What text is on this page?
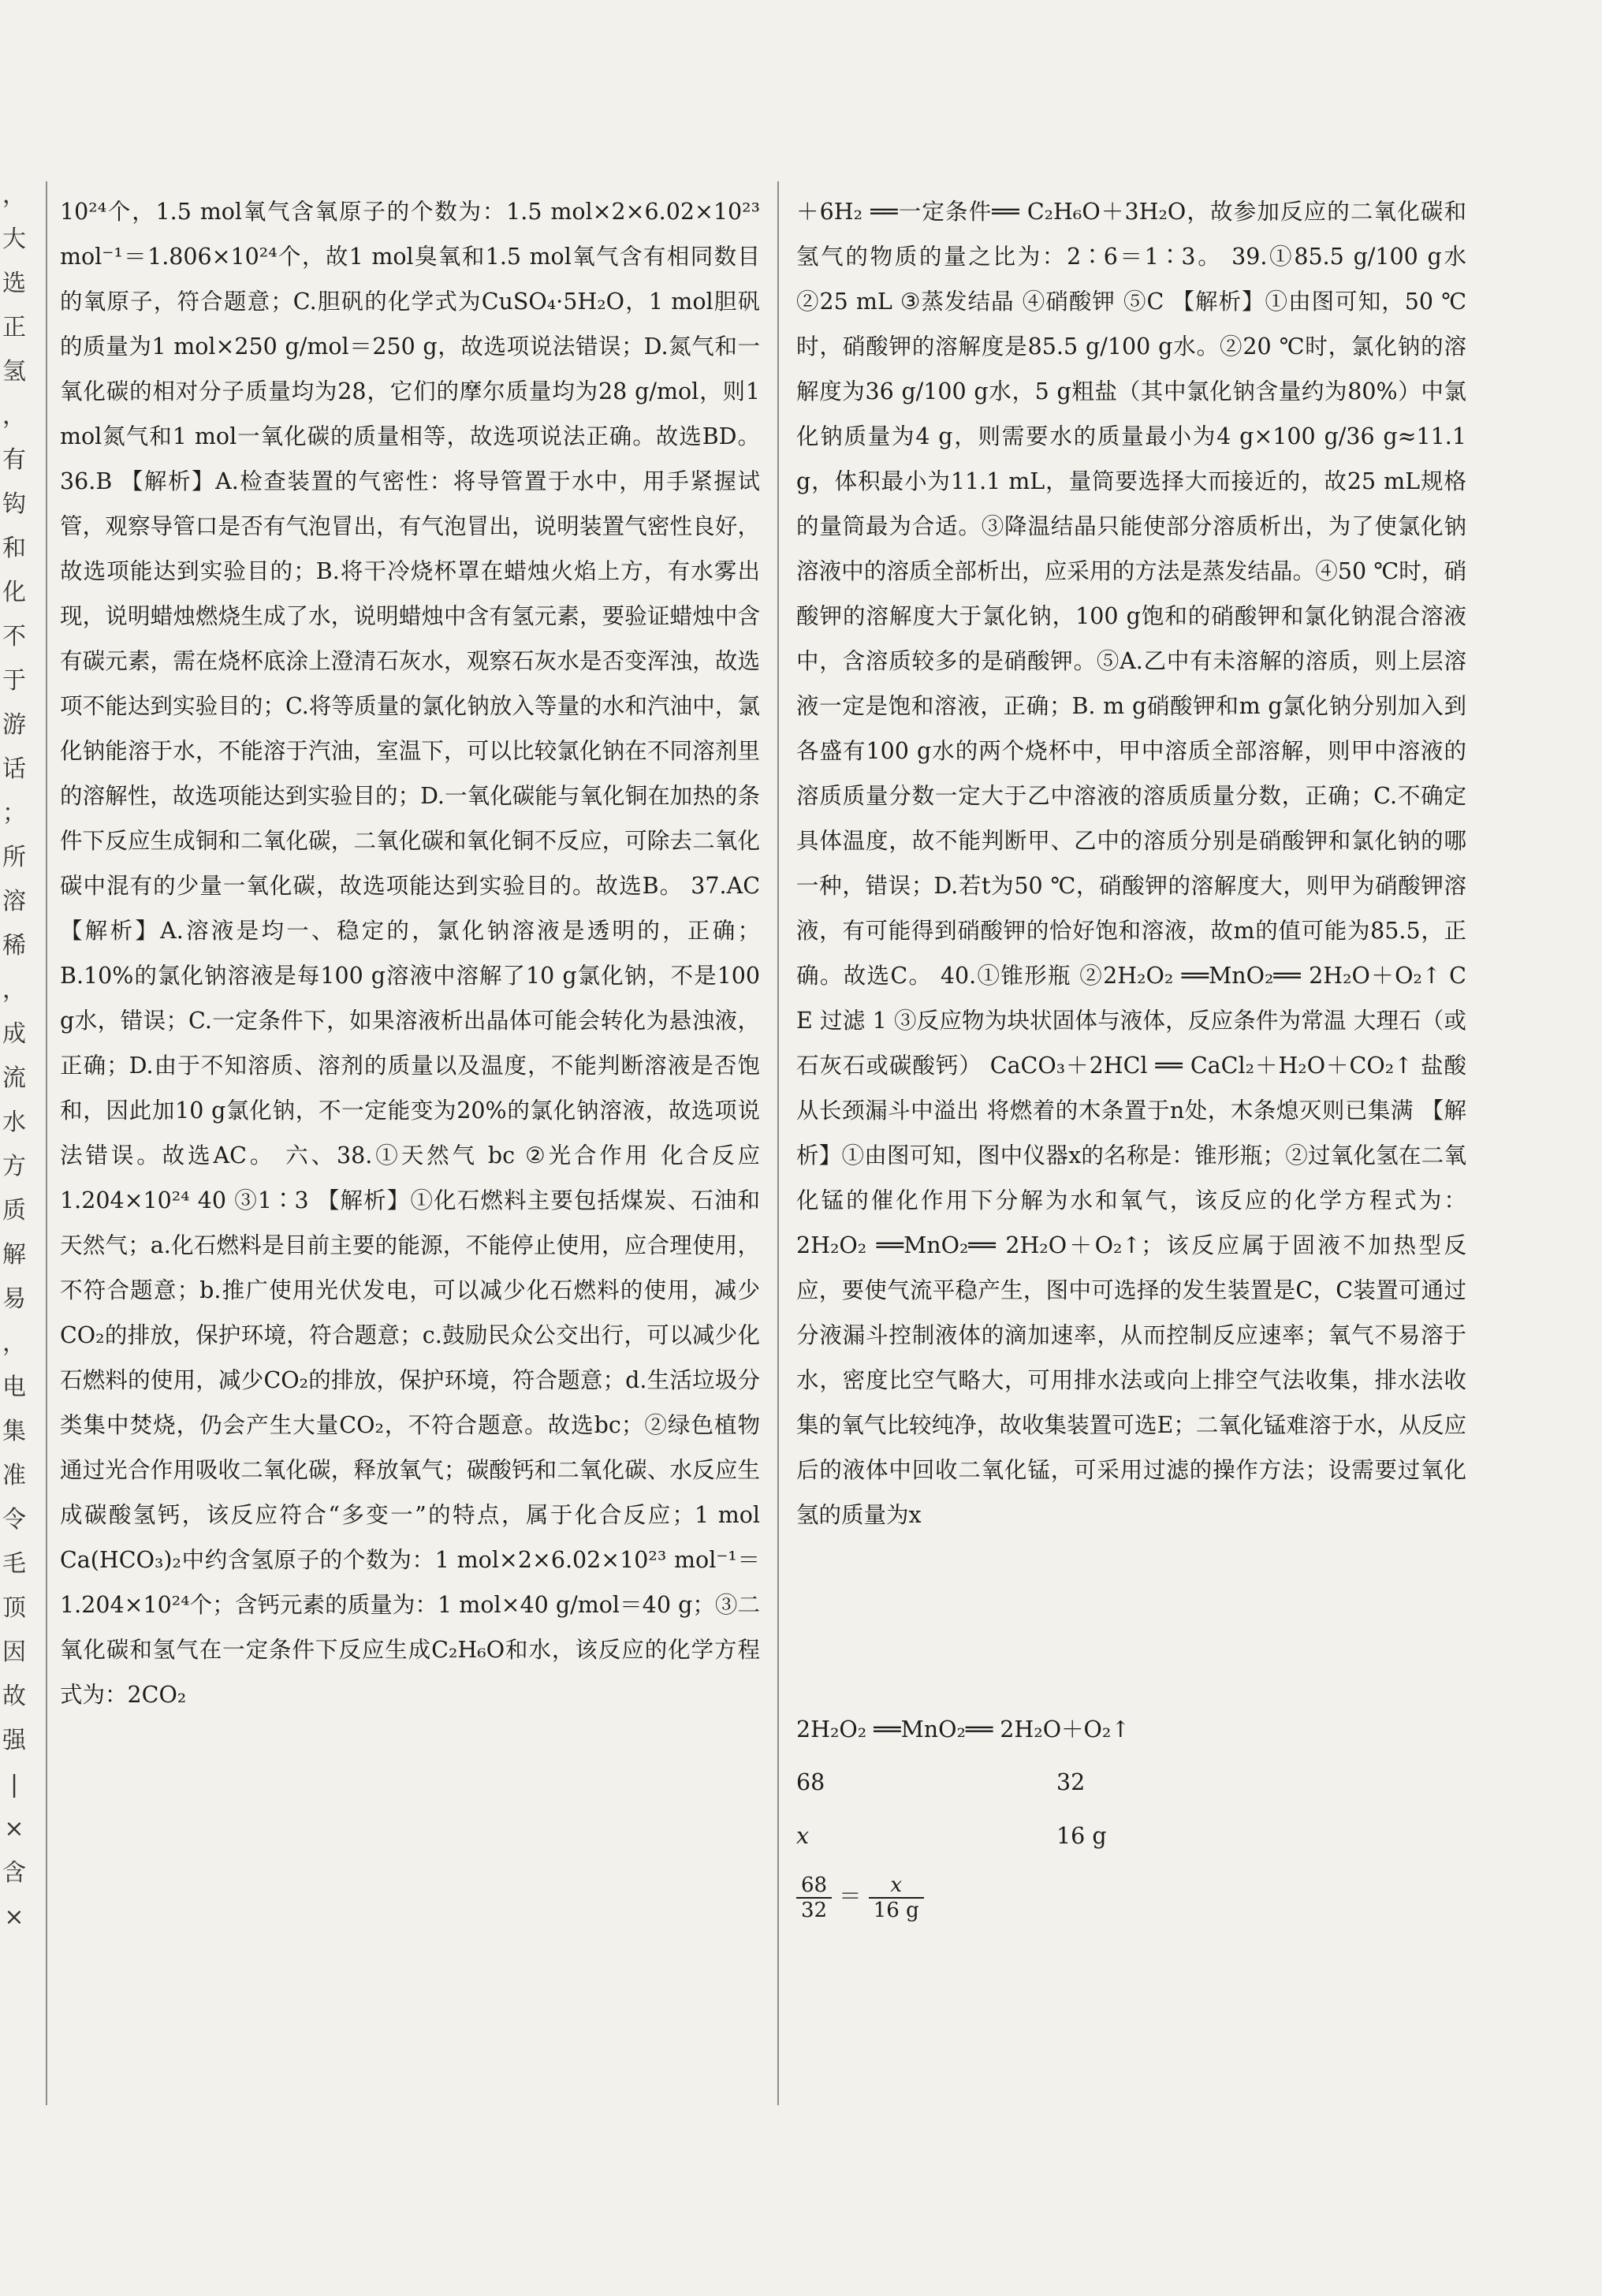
，
大
选
正
氢
，
有
钩
和
化
不
于
游
话
；
所
溶
稀
，
成
流
水
方
质
解
易
，
电
集
准
令
毛
顶
因
故
强
|
×
含
×

10²⁴个，1.5 mol氧气含氧原子的个数为：1.5 mol×2×6.02×10²³ mol⁻¹＝1.806×10²⁴个，故1 mol臭氧和1.5 mol氧气含有相同数目的氧原子，符合题意；C.胆矾的化学式为CuSO₄·5H₂O，1 mol胆矾的质量为1 mol×250 g/mol＝250 g，故选项说法错误；D.氮气和一氧化碳的相对分子质量均为28，它们的摩尔质量均为28 g/mol，则1 mol氮气和1 mol一氧化碳的质量相等，故选项说法正确。故选BD。 36.B 【解析】A.检查装置的气密性：将导管置于水中，用手紧握试管，观察导管口是否有气泡冒出，有气泡冒出，说明装置气密性良好，故选项能达到实验目的；B.将干冷烧杯罩在蜡烛火焰上方，有水雾出现，说明蜡烛燃烧生成了水，说明蜡烛中含有氢元素，要验证蜡烛中含有碳元素，需在烧杯底涂上澄清石灰水，观察石灰水是否变浑浊，故选项不能达到实验目的；C.将等质量的氯化钠放入等量的水和汽油中，氯化钠能溶于水，不能溶于汽油，室温下，可以比较氯化钠在不同溶剂里的溶解性，故选项能达到实验目的；D.一氧化碳能与氧化铜在加热的条件下反应生成铜和二氧化碳，二氧化碳和氧化铜不反应，可除去二氧化碳中混有的少量一氧化碳，故选项能达到实验目的。故选B。 37.AC 【解析】A.溶液是均一、稳定的，氯化钠溶液是透明的，正确；B.10%的氯化钠溶液是每100 g溶液中溶解了10 g氯化钠，不是100 g水，错误；C.一定条件下，如果溶液析出晶体可能会转化为悬浊液，正确；D.由于不知溶质、溶剂的质量以及温度，不能判断溶液是否饱和，因此加10 g氯化钠，不一定能变为20%的氯化钠溶液，故选项说法错误。故选AC。 六、38.①天然气 bc ②光合作用 化合反应 1.204×10²⁴ 40 ③1∶3 【解析】①化石燃料主要包括煤炭、石油和天然气；a.化石燃料是目前主要的能源，不能停止使用，应合理使用，不符合题意；b.推广使用光伏发电，可以减少化石燃料的使用，减少CO₂的排放，保护环境，符合题意；c.鼓励民众公交出行，可以减少化石燃料的使用，减少CO₂的排放，保护环境，符合题意；d.生活垃圾分类集中焚烧，仍会产生大量CO₂，不符合题意。故选bc；②绿色植物通过光合作用吸收二氧化碳，释放氧气；碳酸钙和二氧化碳、水反应生成碳酸氢钙，该反应符合“多变一”的特点，属于化合反应；1 mol Ca(HCO₃)₂中约含氢原子的个数为：1 mol×2×6.02×10²³ mol⁻¹＝1.204×10²⁴个；含钙元素的质量为：1 mol×40 g/mol＝40 g；③二氧化碳和氢气在一定条件下反应生成C₂H₆O和水，该反应的化学方程式为：2CO₂

＋6H₂ ══一定条件══ C₂H₆O＋3H₂O，故参加反应的二氧化碳和氢气的物质的量之比为：2∶6＝1∶3。 39.①85.5 g/100 g水 ②25 mL ③蒸发结晶 ④硝酸钾 ⑤C 【解析】①由图可知，50 ℃时，硝酸钾的溶解度是85.5 g/100 g水。②20 ℃时，氯化钠的溶解度为36 g/100 g水，5 g粗盐（其中氯化钠含量约为80%）中氯化钠质量为4 g，则需要水的质量最小为4 g×100 g/36 g≈11.1 g，体积最小为11.1 mL，量筒要选择大而接近的，故25 mL规格的量筒最为合适。③降温结晶只能使部分溶质析出，为了使氯化钠溶液中的溶质全部析出，应采用的方法是蒸发结晶。④50 ℃时，硝酸钾的溶解度大于氯化钠，100 g饱和的硝酸钾和氯化钠混合溶液中，含溶质较多的是硝酸钾。⑤A.乙中有未溶解的溶质，则上层溶液一定是饱和溶液，正确；B. m g硝酸钾和m g氯化钠分别加入到各盛有100 g水的两个烧杯中，甲中溶质全部溶解，则甲中溶液的溶质质量分数一定大于乙中溶液的溶质质量分数，正确；C.不确定具体温度，故不能判断甲、乙中的溶质分别是硝酸钾和氯化钠的哪一种，错误；D.若t为50 ℃，硝酸钾的溶解度大，则甲为硝酸钾溶液，有可能得到硝酸钾的恰好饱和溶液，故m的值可能为85.5，正确。故选C。 40.①锥形瓶 ②2H₂O₂ ══MnO₂══ 2H₂O＋O₂↑ C E 过滤 1 ③反应物为块状固体与液体，反应条件为常温 大理石（或石灰石或碳酸钙） CaCO₃＋2HCl ══ CaCl₂＋H₂O＋CO₂↑ 盐酸从长颈漏斗中溢出 将燃着的木条置于n处，木条熄灭则已集满 【解析】①由图可知，图中仪器x的名称是：锥形瓶；②过氧化氢在二氧化锰的催化作用下分解为水和氧气，该反应的化学方程式为：2H₂O₂ ══MnO₂══ 2H₂O＋O₂↑；该反应属于固液不加热型反应，要使气流平稳产生，图中可选择的发生装置是C，C装置可通过分液漏斗控制液体的滴加速率，从而控制反应速率；氧气不易溶于水，密度比空气略大，可用排水法或向上排空气法收集，排水法收集的氧气比较纯净，故收集装置可选E；二氧化锰难溶于水，从反应后的液体中回收二氧化锰，可采用过滤的操作方法；设需要过氧化氢的质量为x

2H₂O₂ ══MnO₂══ 2H₂O＋O₂↑
68	32
x	16 g
$\frac{68}{32} = \frac{x}{16 g}$
